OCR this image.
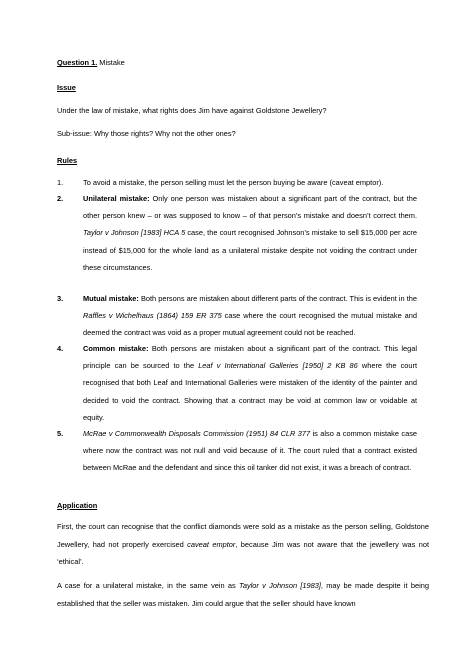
Question 1. Mistake
Issue
Under the law of mistake, what rights does Jim have against Goldstone Jewellery?
Sub-issue: Why those rights? Why not the other ones?
Rules
1.	To avoid a mistake, the person selling must let the person buying be aware (caveat emptor).
2.	Unilateral mistake: Only one person was mistaken about a significant part of the contract, but the other person knew – or was supposed to know – of that person’s mistake and doesn’t correct them. Taylor v Johnson [1983] HCA 5 case, the court recognised Johnson’s mistake to sell $15,000 per acre instead of $15,000 for the whole land as a unilateral mistake despite not voiding the contract under these circumstances.
3.	Mutual mistake: Both persons are mistaken about different parts of the contract. This is evident in the Raffles v Wichelhaus (1864) 159 ER 375 case where the court recognised the mutual mistake and deemed the contract was void as a proper mutual agreement could not be reached.
4.	Common mistake: Both persons are mistaken about a significant part of the contract. This legal principle can be sourced to the Leaf v International Galleries [1950] 2 KB 86 where the court recognised that both Leaf and International Galleries were mistaken of the identity of the painter and decided to void the contract. Showing that a contract may be void at common law or voidable at equity.
5.	McRae v Commonwealth Disposals Commission (1951) 84 CLR 377 is also a common mistake case where now the contract was not null and void because of it. The court ruled that a contract existed between McRae and the defendant and since this oil tanker did not exist, it was a breach of contract.
Application
First, the court can recognise that the conflict diamonds were sold as a mistake as the person selling, Goldstone Jewellery, had not properly exercised caveat emptor, because Jim was not aware that the jewellery was not ‘ethical’.
A case for a unilateral mistake, in the same vein as Taylor v Johnson [1983], may be made despite it being established that the seller was mistaken. Jim could argue that the seller should have known
